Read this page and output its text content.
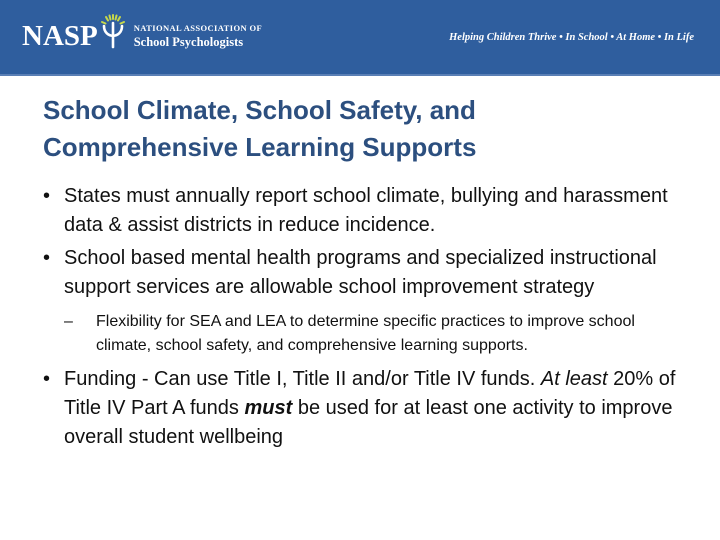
NASP	NATIONAL ASSOCIATION OF
School Psychologists	Helping Children Thrive • In School • At Home • In Life
School Climate, School Safety, and
Comprehensive Learning Supports
• States must annually report school climate, bullying and harassment data & assist districts in reduce incidence.
• School based mental health programs and specialized instructional support services are allowable school improvement strategy
– Flexibility for SEA and LEA to determine specific practices to improve school climate, school safety, and comprehensive learning supports.
• Funding - Can use Title I, Title II and/or Title IV funds. At least 20% of Title IV Part A funds must be used for at least one activity to improve overall student wellbeing
